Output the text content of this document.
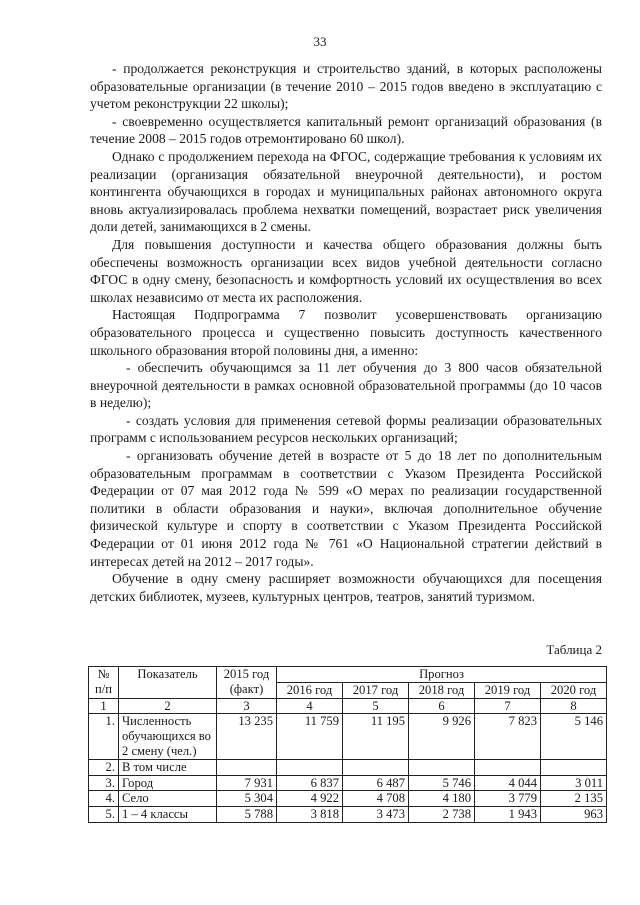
33

- продолжается реконструкция и строительство зданий, в которых расположены образовательные организации (в течение 2010 – 2015 годов введено в эксплуатацию с учетом реконструкции 22 школы);

- своевременно осуществляется капитальный ремонт организаций образования (в течение 2008 – 2015 годов отремонтировано 60 школ).

Однако с продолжением перехода на ФГОС, содержащие требования к условиям их реализации (организация обязательной внеурочной деятельности), и ростом контингента обучающихся в городах и муниципальных районах автономного округа вновь актуализировалась проблема нехватки помещений, возрастает риск увеличения доли детей, занимающихся в 2 смены.

Для повышения доступности и качества общего образования должны быть обеспечены возможность организации всех видов учебной деятельности согласно ФГОС в одну смену, безопасность и комфортность условий их осуществления во всех школах независимо от места их расположения.

Настоящая Подпрограмма 7 позволит усовершенствовать организацию образовательного процесса и существенно повысить доступность качественного школьного образования второй половины дня, а именно:

- обеспечить обучающимся за 11 лет обучения до 3 800 часов обязательной внеурочной деятельности в рамках основной образовательной программы (до 10 часов в неделю);

- создать условия для применения сетевой формы реализации образовательных программ с использованием ресурсов нескольких организаций;

- организовать обучение детей в возрасте от 5 до 18 лет по дополнительным образовательным программам в соответствии с Указом Президента Российской Федерации от 07 мая 2012 года № 599 «О мерах по реализации государственной политики в области образования и науки», включая дополнительное обучение физической культуре и спорту в соответствии с Указом Президента Российской Федерации от 01 июня 2012 года № 761 «О Национальной стратегии действий в интересах детей на 2012 – 2017 годы».

Обучение в одну смену расширяет возможности обучающихся для посещения детских библиотек, музеев, культурных центров, театров, занятий туризмом.

Таблица 2
№ п/п	Показатель	2015 год (факт)	Прогноз				
			2016 год	2017 год	2018 год	2019 год	2020 год
1	2	3	4	5	6	7	8
1.	Численность обучающихся во 2 смену (чел.)	13 235	11 759	11 195	9 926	7 823	5 146
2.	В том числе						
3.	Город	7 931	6 837	6 487	5 746	4 044	3 011
4.	Село	5 304	4 922	4 708	4 180	3 779	2 135
5.	1 – 4 классы	5 788	3 818	3 473	2 738	1 943	963
